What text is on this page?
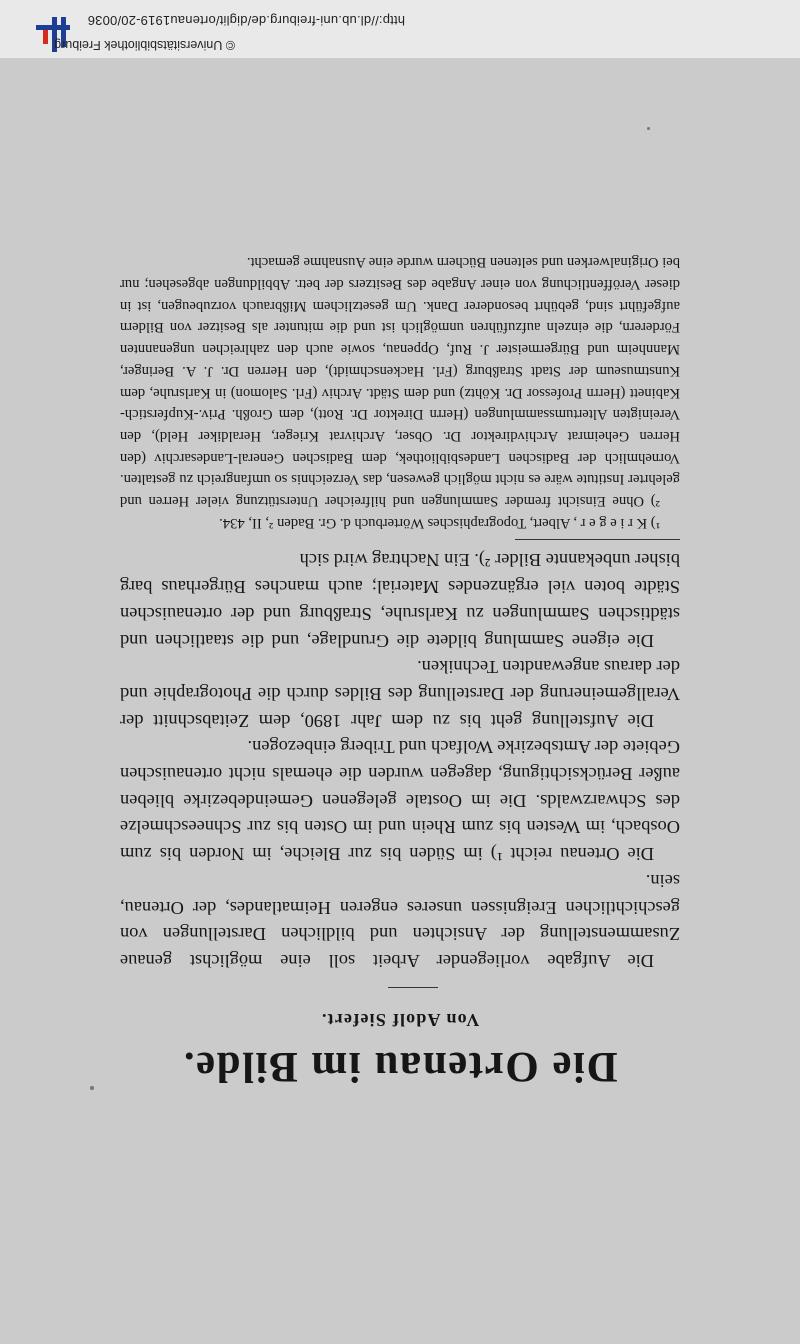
Die Ortenau im Bilde.
Von Adolf Siefert.

Die Aufgabe vorliegender Arbeit soll eine möglichst genaue Zusammenstellung der Ansichten und bildlichen Darstellungen von geschichtlichen Ereignissen unseres engeren Heimatlandes, der Ortenau, sein.

Die Ortenau reicht ¹) im Süden bis zur Bleiche, im Norden bis zum Oosbach, im Westen bis zum Rhein und im Osten bis zur Schneeschmelze des Schwarzwalds. Die im Oostale gelegenen Gemeindebezirke blieben außer Berücksichtigung, dagegen wurden die ehemals nicht ortenauischen Gebiete der Amtsbezirke Wolfach und Triberg einbezogen.

Die Aufstellung geht bis zu dem Jahr 1890, dem Zeitabschnitt der Verallgemeinerung der Darstellung des Bildes durch die Photographie und der daraus angewandten Techniken.

Die eigene Sammlung bildete die Grundlage, und die staatlichen und städtischen Sammlungen zu Karlsruhe, Straßburg und der ortenauischen Städte boten viel ergänzendes Material; auch manches Bürgerhaus barg bisher unbekannte Bilder ²). Ein Nachtrag wird sich

¹) K r i e g e r , Albert, Topographisches Wörterbuch d. Gr. Baden ², II, 434.

²) Ohne Einsicht fremder Sammlungen und hilfreicher Unterstützung vieler Herren und gelehrter Institute wäre es nicht möglich gewesen, das Verzeichnis so umfangreich zu gestalten. Vornehmlich der Badischen Landesbibliothek, dem Badischen General-Landesarchiv (den Herren Geheimrat Archivdirektor Dr. Obser, Archivrat Krieger, Heraldiker Held), den Vereinigten Altertumssammlungen (Herrn Direktor Dr. Rott), dem Großh. Priv.-Kupferstich-Kabinett (Herrn Professor Dr. Köhtz) und dem Städt. Archiv (Frl. Salomon) in Karlsruhe, dem Kunstmuseum der Stadt Straßburg (Frl. Hackenschmidt), den Herren Dr. J. A. Beringer, Mannheim und Bürgermeister J. Ruf, Oppenau, sowie auch den zahlreichen ungenannten Förderern, die einzeln aufzuführen unmöglich ist und die mitunter als Besitzer von Bildern aufgeführt sind, gebührt besonderer Dank. Um gesetzlichem Mißbrauch vorzubeugen, ist in dieser Veröffentlichung von einer Angabe des Besitzers der betr. Abbildungen abgesehen; nur bei Originalwerken und seltenen Büchern wurde eine Ausnahme gemacht.

http://dl.ub.uni-freiburg.de/diglit/ortenau1919-20/0036
© Universitätsbibliothek Freiburg
